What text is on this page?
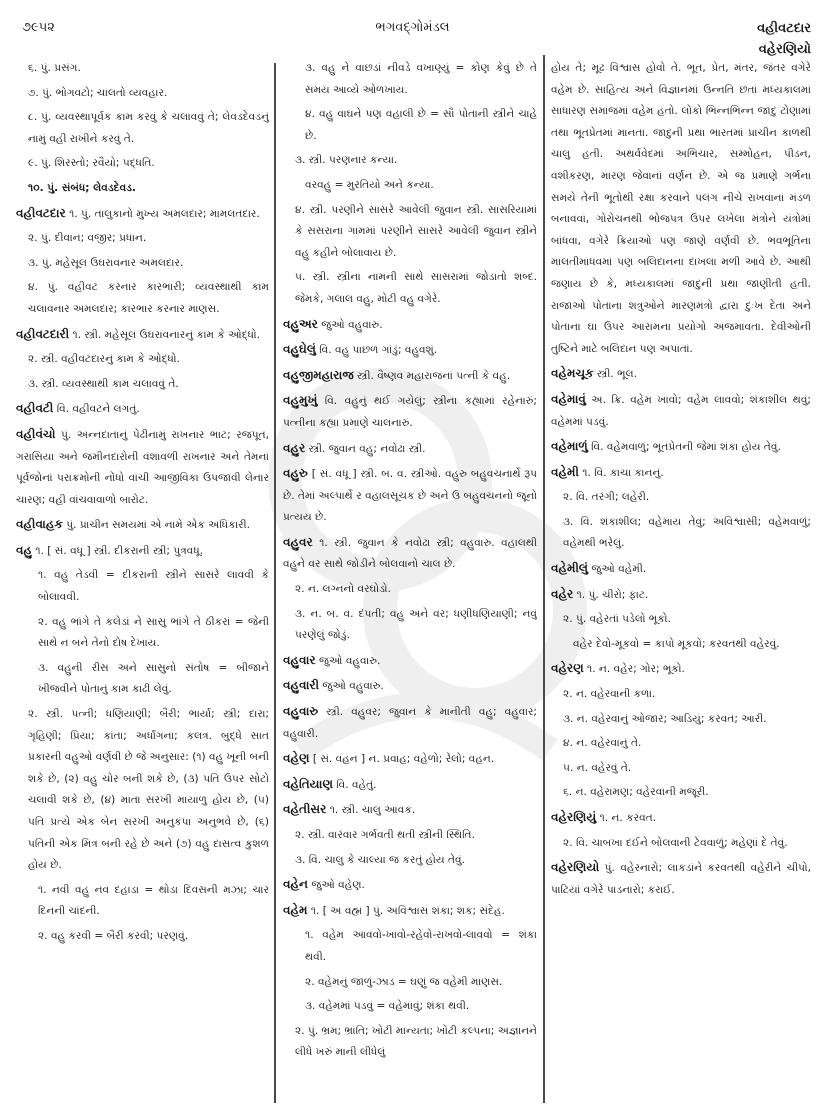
૭૯૫૨	ભગવદ્ગોમંડલ	વહીવટદાર
વહેરણિયો
૬. પું. પ્રસંગ.
૭. પું. ભોગવટો; ચાલતો વ્યવહાર.
૮. પું. વ્યવસ્થાપૂર્વક કામ કરવું કે ચલાવવું તે; લેવડદેવડનું નામું વહી રાખીને કરવું તે.
૯. પું. શિરસ્તો; રવૈયો; પદ્ધતિ.
૧૦. પું. સંબંધ; લેવડદેવડ.
વહીવટદાર ૧. પું. તાલુકાનો મુખ્ય અમલદાર; મામલતદાર.
૨. પું. દીવાન; વજીર; પ્રધાન.
૩. પું. મહેસૂલ ઉઘરાવનાર અમલદાર.
૪. પું. વહીવટ કરનાર કારભારી; વ્યવસ્થાથી કામ ચલાવનાર અમલદાર; કારભાર કરનાર માણસ.
વહીવટદારી ૧. સ્ત્રી. મહેસૂલ ઉઘરાવનારનું કામ કે ઓદ્ધો.
૨. સ્ત્રી. વહીવટદારનું કામ કે ઓદ્ધો.
૩. સ્ત્રી. વ્યવસ્થાથી કામ ચલાવવું તે.
વહીવટી વિ. વહીવટને લગતું.
વહીવંચો પું. અન્નદાતાનું પેઢીનામું રાખનાર ભાટ; રજપૂત, ગરાસિયા અને જમીનદારોની વંશાવળી રાખનાર અને તેમનાં પૂર્વજોનાં પરાક્રમોની નોંધો વાંચી આજીવિકા ઉપજાવી લેનાર ચારણ; વહી વાંચવાવાળો બારોટ.
વહીવાહક પું. પ્રાચીન સમયમાં એ નામે એક અધિકારી.
વહુ ૧. [ સં. વધૂ ] સ્ત્રી. દીકરાની સ્ત્રી; પુત્રવધૂ.
૧. વહુ તેડવી = દીકરાની સ્ત્રીને સાસરે લાવવી કે બોલાવવી.
૨. વહુ ભાંગે તે કલેડાં ને સાસુ ભાંગે તે ઠીકરાં = જેની સાથે ન બને તેનો દોષ દેખાય.
૩. વહુની રીસ અને સાસુનો સંતોષ = બીજાને ખીજવીને પોતાનું કામ કાઢી લેવું.
૨. સ્ત્રી. પત્ની; ધણિયાણી; બૈરી; ભાર્યા; સ્ત્રી; દારા; ગૃહિણી; પ્રિયા; કાંતા; અર્ધાંગના; કલત્ર. બુદ્ધે સાત પ્રકારની વહુઓ વર્ણવી છે જે અનુસાર: (૧) વહુ ખૂની બની શકે છે, (૨) વહુ ચોર બની શકે છે, (૩) પતિ ઉપર સોટો ચલાવી શકે છે, (૪) માતા સરખી માયાળુ હોય છે, (૫) પતિ પ્રત્યે એક બેન સરખી અનુકંપા અનુભવે છે, (૬) પતિની એક મિત્ર બની રહે છે અને (૭) વહુ દાસત્વ કુશળ હોય છે.
૧. નવી વહુ નવ દહાડા = થોડા દિવસની મઝા; ચાર દિનની ચાંદની.
૨. વહુ કરવી = બૈરી કરવી; પરણવું.
૩. વહુ ને વાછડાં નીવડે વખાણ્યું = કોણ કેવું છે તે સમય આવ્યે ઓળખાય.
૪. વહુ વાઘને પણ વહાલી છે = સૌ પોતાની સ્ત્રીને ચાહે છે.
૩. સ્ત્રી. પરણનાર કન્યા.
વરવહુ = મુરતિયો અને કન્યા.
૪. સ્ત્રી. પરણીને સાસરે આવેલી જુવાન સ્ત્રી. સાસરિયામાં કે સસરાના ગામમાં પરણીને સાસરે આવેલી જુવાન સ્ત્રીને વહુ કહીને બોલાવાય છે.
૫. સ્ત્રી. સ્ત્રીના નામની સાથે સાસરામાં જોડાતો શબ્દ. જેમકે, ગલાલ વહુ, મોટી વહુ વગેરે.
વહુઅર જુઓ વહુવારુ.
વહુઘેલું વિ. વહુ પાછળ ગાંડું; વહુવશું.
વહુજીમહારાજ સ્ત્રી. વૈષ્ણવ મહારાજનાં પત્ની કે વહુ.
વહુમુખું વિ. વહુનું થઈ ગયેલું; સ્ત્રીના કહ્યામાં રહેનારું; પત્નીના કહ્યા પ્રમાણે ચાલનારું.
વહુર સ્ત્રી. જુવાન વહુ; નવોઢા સ્ત્રી.
વહુરુ [ સં. વધૂ ] સ્ત્રી. બ. વ. સ્ત્રીઓ. વહુરુ બહુવચનાર્થે રૂપ છે. તેમાં અલ્પાર્થે ર વહાલસૂચક છે અને ઉ બહુવચનનો જૂનો પ્રત્યય છે.
વહુવર ૧. સ્ત્રી. જુવાન કે નવોઢા સ્ત્રી; વહુવારુ. વહાલથી વહુને વર સાથે જોડીને બોલવાનો ચાલ છે.
૨. ન. લગ્નનો વરઘોડો.
૩. ન. બ. વ. દંપતી; વહુ અને વર; ધણીધણિયાણી; નવું પરણેલું જોડું.
વહુવાર જુઓ વહુવારુ.
વહુવારી જુઓ વહુવારુ.
વહુવારુ સ્ત્રી. વહુવર; જુવાન કે માનીતી વહુ; વહુવાર; વહુવારી.
વહેણ [ સં. વહન ] ન. પ્રવાહ; વહેળો; રેલો; વહન.
વહેતિયાણ વિ. વહેતું.
વહેતીસર ૧. સ્ત્રી. ચાલુ આવક.
૨. સ્ત્રી. વારંવાર ગર્ભવતી થતી સ્ત્રીની સ્થિતિ.
૩. વિ. ચાલુ કે ચાલ્યા જ કરતું હોય તેવું.
વહેન જુઓ વહેણ.
વહેમ ૧. [ અ વહ્મ ] પું. અવિશ્વાસ શંકા; શક; સંદેહ.
૧. વહેમ આવવો-ખાવો-રહેવો-રાખવો-લાવવો = શંકા થવી.
૨. વહેમનું જાળું-ઝાડ = ઘણું જ વહેમી માણસ.
૩. વહેમમાં પડવું = વહેમાવું; શંકા થવી.
૨. પું. ભ્રમ; ભ્રાંતિ; ખોટી માન્યતા; ખોટી કલ્પના; અજ્ઞાનને લીધે ખરું માની લીધેલું
હોય તે; મૂઢ વિશ્વાસ હોવો તે. ભૂત, પ્રેત, મંતર, જંતર વગેરે વહેમ છે. સાહિત્ય અને વિજ્ઞાનમાં ઉન્નતિ છતાં મધ્યકાલમાં સાધારણ સમાજમાં વહેમ હતો. લોકો ભિન્નભિન્ન જાદુ ટોણામાં તથા ભૂતપ્રેતમાં માનતા. જાદુની પ્રથા ભારતમાં પ્રાચીન કાળથી ચાલુ હતી. અથર્વવેદમાં અભિચાર, સમ્મોહન, પીડન, વશીકરણ, મારણ જેવાનાં વર્ણન છે. એ જ પ્રમાણે ગર્ભના સમયે તેની ભૂતોથી રક્ષા કરવાને પલંગ નીચે રાખવાનાં મંડળ બનાવવાં, ગોરોચનથી ભોજપત્ર ઉપર લખેલા મંત્રોને યંત્રોમાં બાંધવા, વગેરે ક્રિયાઓ પણ જાણે વર્ણવી છે. ભવભૂતિના માલતીમાધવમાં પણ બલિદાનના દાખલા મળી આવે છે. આથી જણાય છે કે, મધ્યકાલમાં જાદુની પ્રથા જાણીતી હતી. રાજાઓ પોતાના શત્રુઓને મારણમંત્રો દ્વારા દુઃખ દેતા અને પોતાના ઘા ઉપર આરામના પ્રયોગો અજમાવતા. દેવીઓની તુષ્ટિને માટે બલિદાન પણ અપાતાં.
વહેમચૂક સ્ત્રી. ભૂલ.
વહેમાવું અ. ક્રિ. વહેમ ખાવો; વહેમ લાવવો; શંકાશીલ થવું; વહેમમાં પડવું.
વહેમાળું વિ. વહેમવાળું; ભૂતપ્રેતની જેમાં શંકા હોય તેવું.
વહેમી ૧. વિ. કાચા કાનનું.
૨. વિ. તરંગી; લહેરી.
૩. વિ. શંકાશીલ; વહેમાય તેવું; અવિશ્વાસી; વહેમવાળું; વહેમથી ભરેલું.
વહેમીલું જુઓ વહેમી.
વહેર ૧. પું. ચીરો; ફાટ.
૨. પું. વહેરતાં પડેલો ભૂકો.
વહેર દેવો-મૂકવો = કાપો મૂકવો; કરવતથી વહેરવું.
વહેરણ ૧. ન. વહેર; ગોર; ભૂકો.
૨. ન. વહેરવાની કળા.
૩. ન. વહેરવાનું ઓજાર; આડિયું; કરવત; આરી.
૪. ન. વહેરવાનું તે.
૫. ન. વહેરવું તે.
૬. ન. વહેરામણ; વહેરવાની મજૂરી.
વહેરણિયું ૧. ન. કરવત.
૨. વિ. ચાબખા દઈને બોલવાની ટેવવાળું; મહેણાં દે તેવું.
વહેરણિયો પું. વહેરનારો; લાકડાંને કરવતથી વહેરીને ચીપો, પાટિયાં વગેરે પાડનારો; કરાઈ.
